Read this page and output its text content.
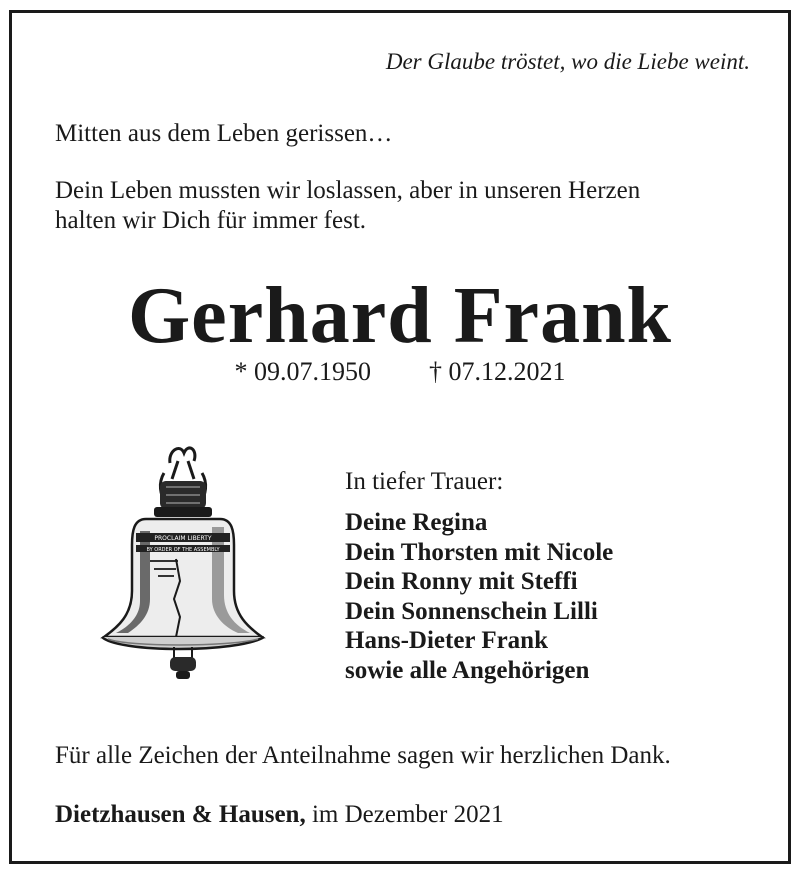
Der Glaube tröstet, wo die Liebe weint.

Mitten aus dem Leben gerissen…

Dein Leben mussten wir loslassen, aber in unseren Herzen
halten wir Dich für immer fest.

Gerhard Frank
* 09.07.1950 † 07.12.2021
PROCLAIM LIBERTY
BY ORDER OF THE ASSEMBLY

In tiefer Trauer:

Deine Regina
Dein Thorsten mit Nicole
Dein Ronny mit Steffi
Dein Sonnenschein Lilli
Hans-Dieter Frank
sowie alle Angehörigen

Für alle Zeichen der Anteilnahme sagen wir herzlichen Dank.

Dietzhausen & Hausen, im Dezember 2021
